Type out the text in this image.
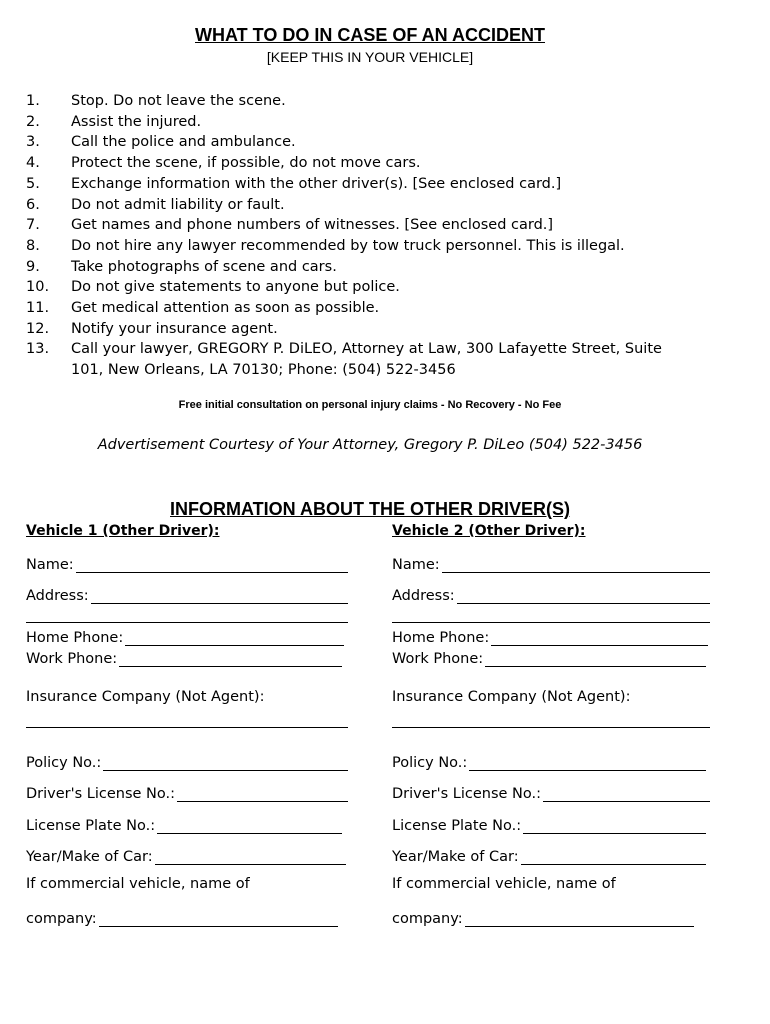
WHAT TO DO IN CASE OF AN ACCIDENT
[KEEP THIS IN YOUR VEHICLE]
1.	Stop. Do not leave the scene.
2.	Assist the injured.
3.	Call the police and ambulance.
4.	Protect the scene, if possible, do not move cars.
5.	Exchange information with the other driver(s). [See enclosed card.]
6.	Do not admit liability or fault.
7.	Get names and phone numbers of witnesses. [See enclosed card.]
8.	Do not hire any lawyer recommended by tow truck personnel. This is illegal.
9.	Take photographs of scene and cars.
10.	Do not give statements to anyone but police.
11.	Get medical attention as soon as possible.
12.	Notify your insurance agent.
13.	Call your lawyer, GREGORY P. DiLEO, Attorney at Law, 300 Lafayette Street, Suite 101, New Orleans, LA 70130; Phone: (504) 522-3456
Free initial consultation on personal injury claims - No Recovery - No Fee
Advertisement Courtesy of Your Attorney, Gregory P. DiLeo (504) 522-3456
INFORMATION ABOUT THE OTHER DRIVER(S)
Vehicle 1 (Other Driver):
Name:
Address:
Home Phone:
Work Phone:
Insurance Company (Not Agent):
Policy No.:
Driver's License No.:
License Plate No.:
Year/Make of Car:
If commercial vehicle, name of
company:
Vehicle 2 (Other Driver):
Name:
Address:
Home Phone:
Work Phone:
Insurance Company (Not Agent):
Policy No.:
Driver's License No.:
License Plate No.:
Year/Make of Car:
If commercial vehicle, name of
company:
